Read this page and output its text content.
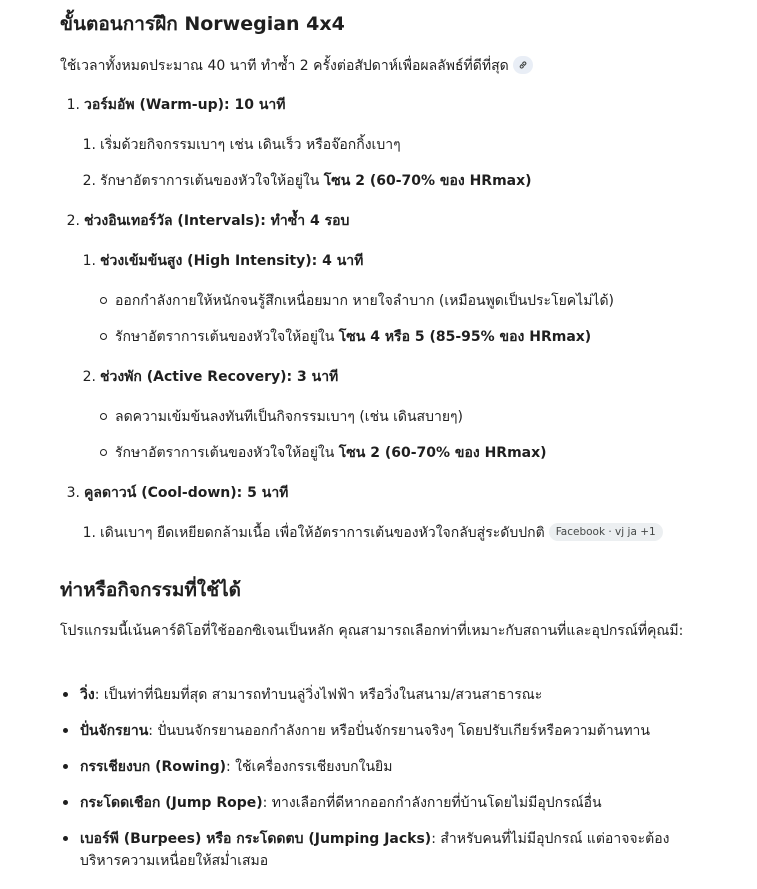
ขั้นตอนการฝึก Norwegian 4x4
ใช้เวลาทั้งหมดประมาณ 40 นาที ทำซ้ำ 2 ครั้งต่อสัปดาห์เพื่อผลลัพธ์ที่ดีที่สุด
1. วอร์มอัพ (Warm-up): 10 นาที
1. เริ่มด้วยกิจกรรมเบาๆ เช่น เดินเร็ว หรือจ๊อกกิ้งเบาๆ
2. รักษาอัตราการเต้นของหัวใจให้อยู่ใน โซน 2 (60-70% ของ HRmax)
2. ช่วงอินเทอร์วัล (Intervals): ทำซ้ำ 4 รอบ
1. ช่วงเข้มข้นสูง (High Intensity): 4 นาที
ออกกำลังกายให้หนักจนรู้สึกเหนื่อยมาก หายใจลำบาก (เหมือนพูดเป็นประโยคไม่ได้)
รักษาอัตราการเต้นของหัวใจให้อยู่ใน โซน 4 หรือ 5 (85-95% ของ HRmax)
2. ช่วงพัก (Active Recovery): 3 นาที
ลดความเข้มข้นลงทันทีเป็นกิจกรรมเบาๆ (เช่น เดินสบายๆ)
รักษาอัตราการเต้นของหัวใจให้อยู่ใน โซน 2 (60-70% ของ HRmax)
3. คูลดาวน์ (Cool-down): 5 นาที
1. เดินเบาๆ ยืดเหยียดกล้ามเนื้อ เพื่อให้อัตราการเต้นของหัวใจกลับสู่ระดับปกติ Facebook · vj ja +1
ท่าหรือกิจกรรมที่ใช้ได้
โปรแกรมนี้เน้นคาร์ดิโอที่ใช้ออกซิเจนเป็นหลัก คุณสามารถเลือกท่าที่เหมาะกับสถานที่และอุปกรณ์ที่คุณมี:
วิ่ง: เป็นท่าที่นิยมที่สุด สามารถทำบนลู่วิ่งไฟฟ้า หรือวิ่งในสนาม/สวนสาธารณะ
ปั่นจักรยาน: ปั่นบนจักรยานออกกำลังกาย หรือปั่นจักรยานจริงๆ โดยปรับเกียร์หรือความต้านทาน
กรรเชียงบก (Rowing): ใช้เครื่องกรรเชียงบกในยิม
กระโดดเชือก (Jump Rope): ทางเลือกที่ดีหากออกกำลังกายที่บ้านโดยไม่มีอุปกรณ์อื่น
เบอร์พี (Burpees) หรือ กระโดดตบ (Jumping Jacks): สำหรับคนที่ไม่มีอุปกรณ์ แต่อาจจะต้องบริหารความเหนื่อยให้สม่ำเสมอ
